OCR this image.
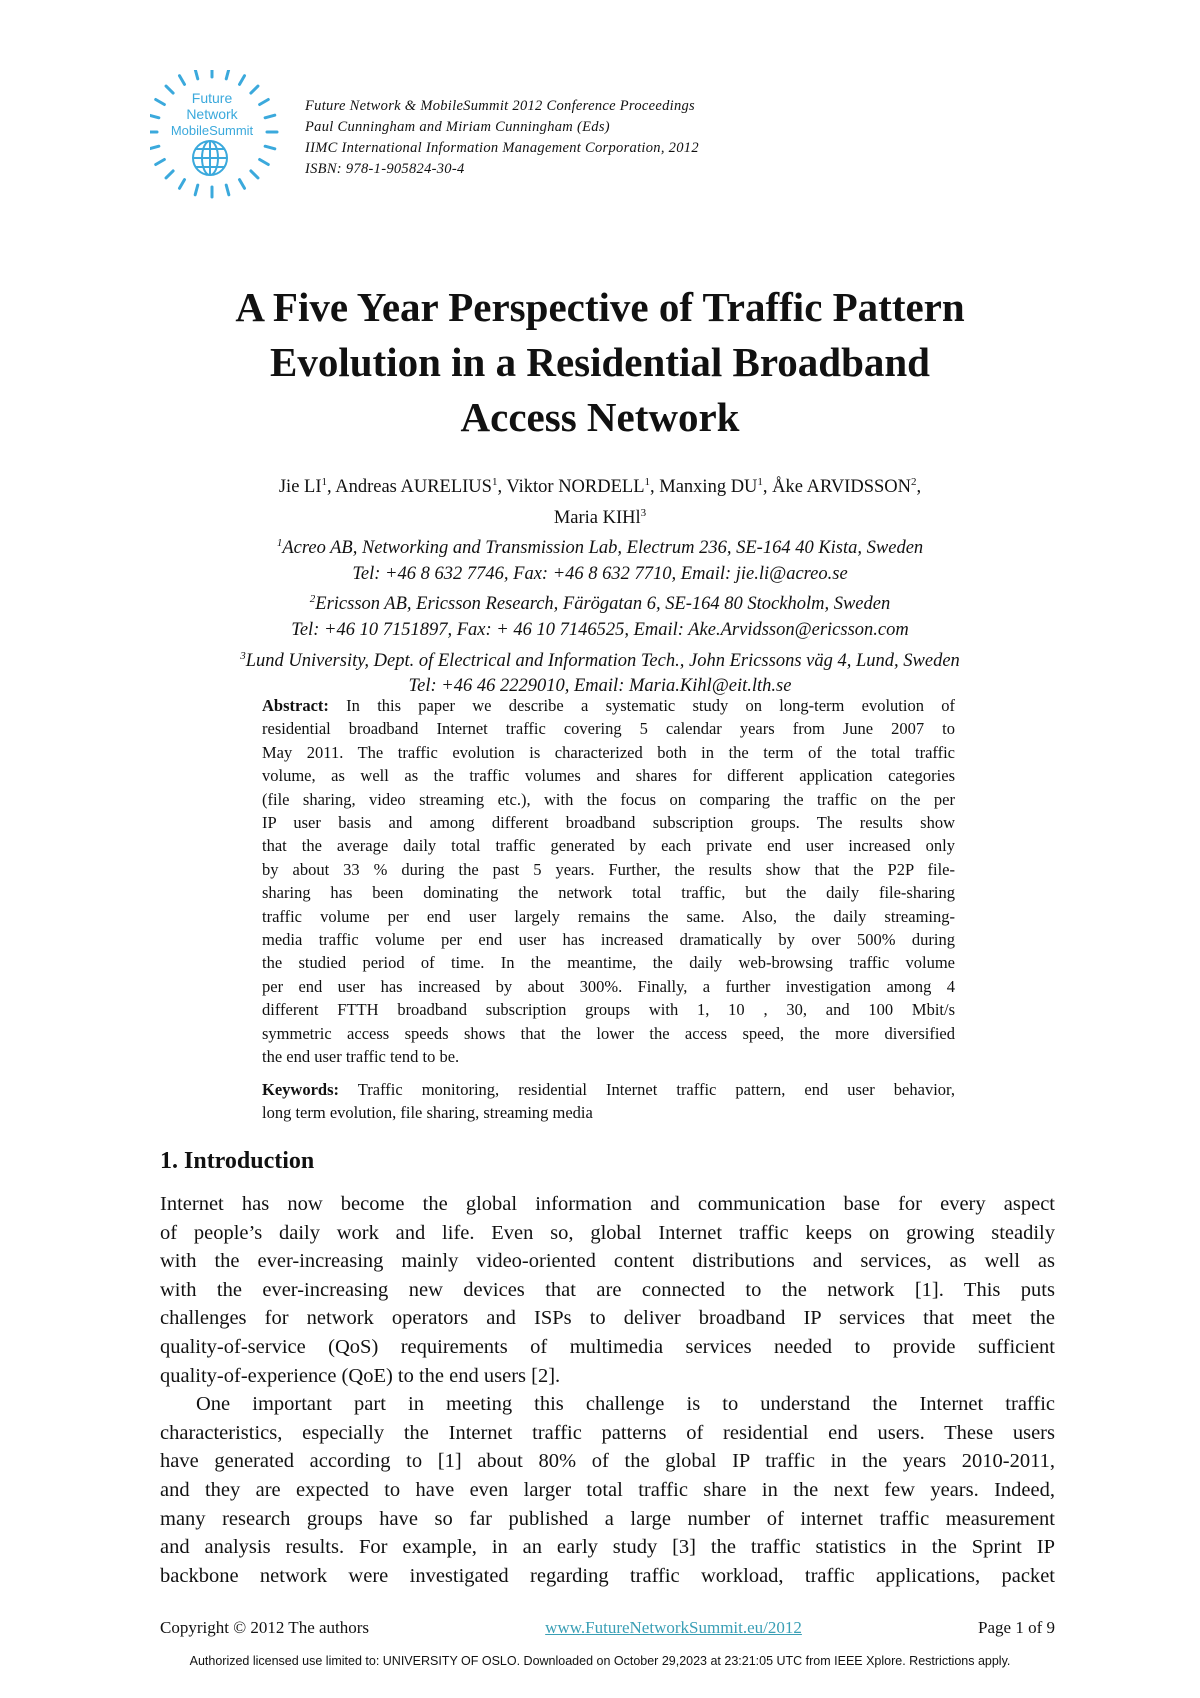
Future
Network
MobileSummit
Future Network & MobileSummit 2012 Conference Proceedings
Paul Cunningham and Miriam Cunningham (Eds)
IIMC International Information Management Corporation, 2012
ISBN: 978-1-905824-30-4
A Five Year Perspective of Traffic Pattern
Evolution in a Residential Broadband
Access Network
Jie $LI^1$, Andreas AURELIUS$^1$, Viktor NORDELL$^1$, Manxing $DU^1$, Åke ARVIDSSON$^2$,
Maria KIHl$^3$
$^1$Acreo AB, Networking and Transmission Lab, Electrum 236, SE-164 40 Kista, Sweden
Tel: +46 8 632 7746, Fax: +46 8 632 7710, Email: jie.li@acreo.se
$^2$Ericsson AB, Ericsson Research, Färögatan 6, SE-164 80 Stockholm, Sweden
Tel: +46 10 7151897, Fax: + 46 10 7146525, Email: Ake.Arvidsson@ericsson.com
$^3$Lund University, Dept. of Electrical and Information Tech., John Ericssons väg 4, Lund, Sweden
Tel: +46 46 2229010, Email: Maria.Kihl@eit.lth.se
Abstract: In this paper we describe a systematic study on long-term evolution of
residential broadband Internet traffic covering 5 calendar years from June 2007 to
May 2011. The traffic evolution is characterized both in the term of the total traffic
volume, as well as the traffic volumes and shares for different application categories
(file sharing, video streaming etc.), with the focus on comparing the traffic on the per
IP user basis and among different broadband subscription groups. The results show
that the average daily total traffic generated by each private end user increased only
by about 33 % during the past 5 years. Further, the results show that the P2P file-
sharing has been dominating the network total traffic, but the daily file-sharing
traffic volume per end user largely remains the same. Also, the daily streaming-
media traffic volume per end user has increased dramatically by over 500% during
the studied period of time. In the meantime, the daily web-browsing traffic volume
per end user has increased by about 300%. Finally, a further investigation among 4
different FTTH broadband subscription groups with 1, 10 , 30, and 100 Mbit/s
symmetric access speeds shows that the lower the access speed, the more diversified
the end user traffic tend to be.
Keywords: Traffic monitoring, residential Internet traffic pattern, end user behavior,
long term evolution, file sharing, streaming media
1. Introduction
Internet has now become the global information and communication base for every aspect
of people’s daily work and life. Even so, global Internet traffic keeps on growing steadily
with the ever-increasing mainly video-oriented content distributions and services, as well as
with the ever-increasing new devices that are connected to the network [1]. This puts
challenges for network operators and ISPs to deliver broadband IP services that meet the
quality-of-service (QoS) requirements of multimedia services needed to provide sufficient
quality-of-experience (QoE) to the end users [2].
One important part in meeting this challenge is to understand the Internet traffic
characteristics, especially the Internet traffic patterns of residential end users. These users
have generated according to [1] about 80% of the global IP traffic in the years 2010-2011,
and they are expected to have even larger total traffic share in the next few years. Indeed,
many research groups have so far published a large number of internet traffic measurement
and analysis results. For example, in an early study [3] the traffic statistics in the Sprint IP
backbone network were investigated regarding traffic workload, traffic applications, packet
Copyright © 2012 The authors	www.FutureNetworkSummit.eu/2012	Page 1 of 9
Authorized licensed use limited to: UNIVERSITY OF OSLO. Downloaded on October 29,2023 at 23:21:05 UTC from IEEE Xplore. Restrictions apply.
